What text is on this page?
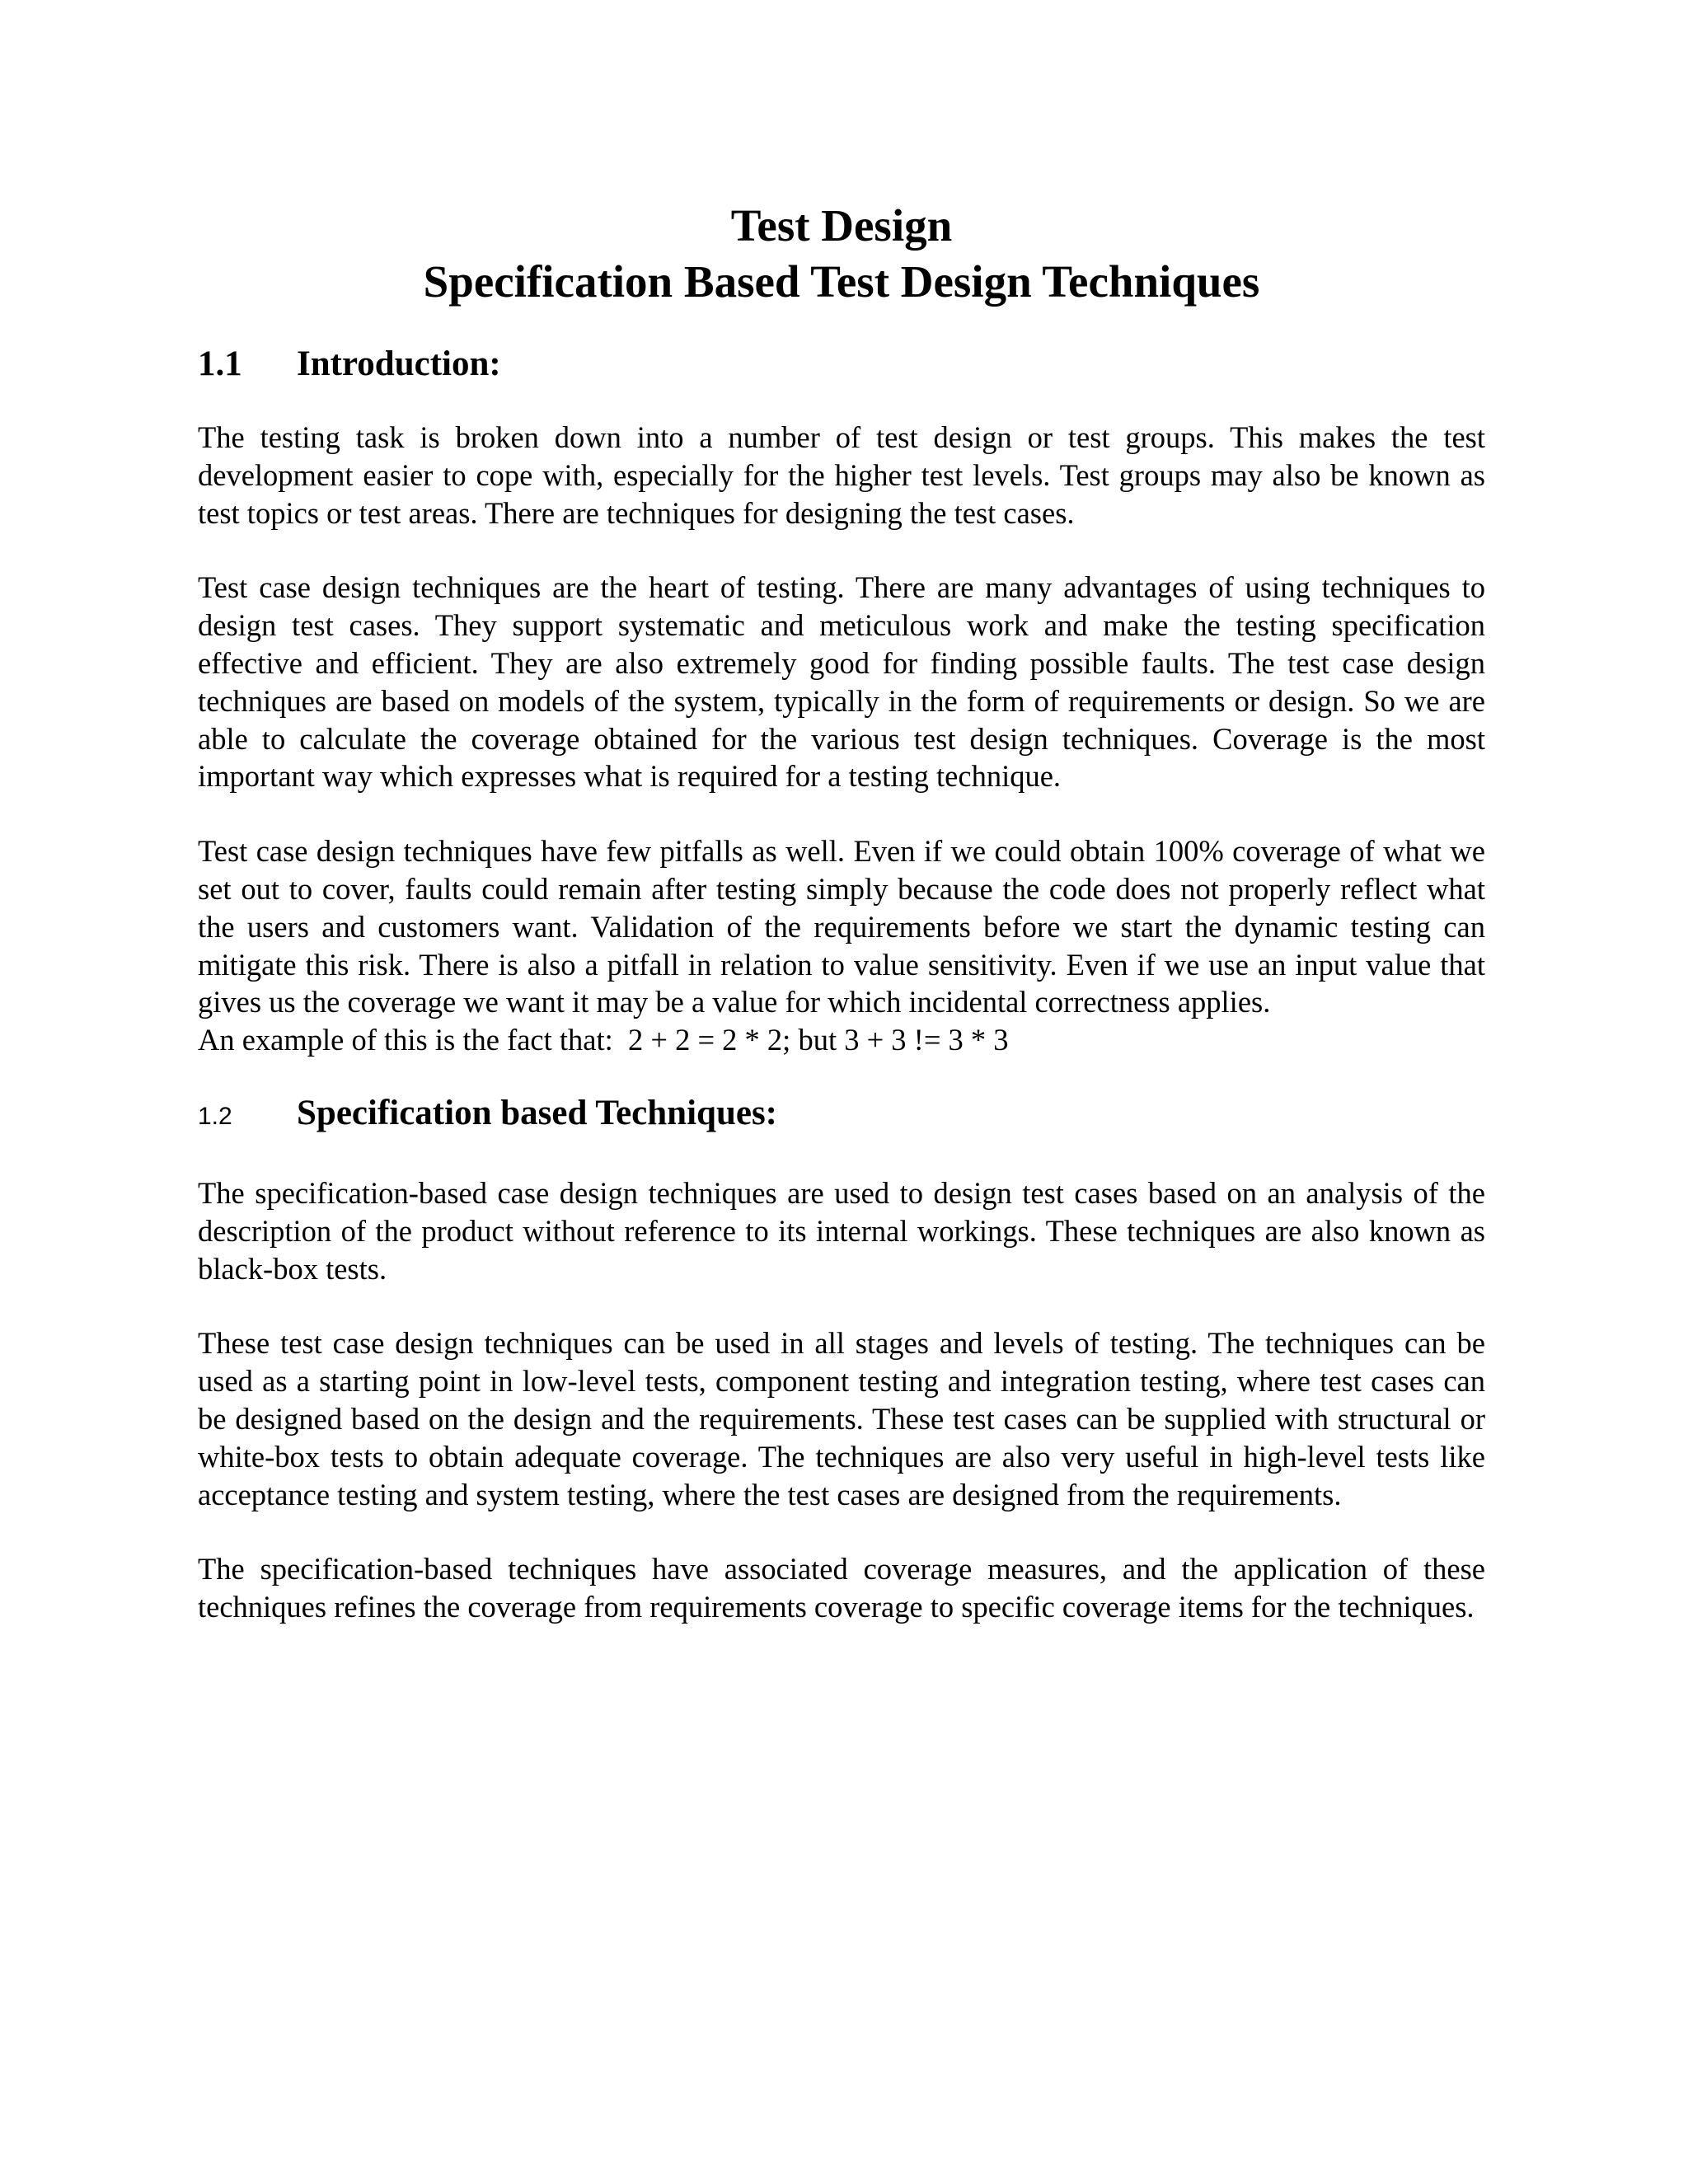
Test Design
Specification Based Test Design Techniques
1.1	Introduction:

The testing task is broken down into a number of test design or test groups. This makes the test development easier to cope with, especially for the higher test levels. Test groups may also be known as test topics or test areas. There are techniques for designing the test cases.

Test case design techniques are the heart of testing. There are many advantages of using techniques to design test cases. They support systematic and meticulous work and make the testing specification effective and efficient. They are also extremely good for finding possible faults. The test case design techniques are based on models of the system, typically in the form of requirements or design. So we are able to calculate the coverage obtained for the various test design techniques. Coverage is the most important way which expresses what is required for a testing technique.

Test case design techniques have few pitfalls as well. Even if we could obtain 100% coverage of what we set out to cover, faults could remain after testing simply because the code does not properly reflect what the users and customers want. Validation of the requirements before we start the dynamic testing can mitigate this risk. There is also a pitfall in relation to value sensitivity. Even if we use an input value that gives us the coverage we want it may be a value for which incidental correctness applies.

An example of this is the fact that:  2 + 2 = 2 * 2; but 3 + 3 != 3 * 3

1.2	Specification based Techniques:

The specification-based case design techniques are used to design test cases based on an analysis of the description of the product without reference to its internal workings. These techniques are also known as black-box tests.

These test case design techniques can be used in all stages and levels of testing. The techniques can be used as a starting point in low-level tests, component testing and integration testing, where test cases can be designed based on the design and the requirements. These test cases can be supplied with structural or white-box tests to obtain adequate coverage. The techniques are also very useful in high-level tests like acceptance testing and system testing, where the test cases are designed from the requirements.

The specification-based techniques have associated coverage measures, and the application of these techniques refines the coverage from requirements coverage to specific coverage items for the techniques.
